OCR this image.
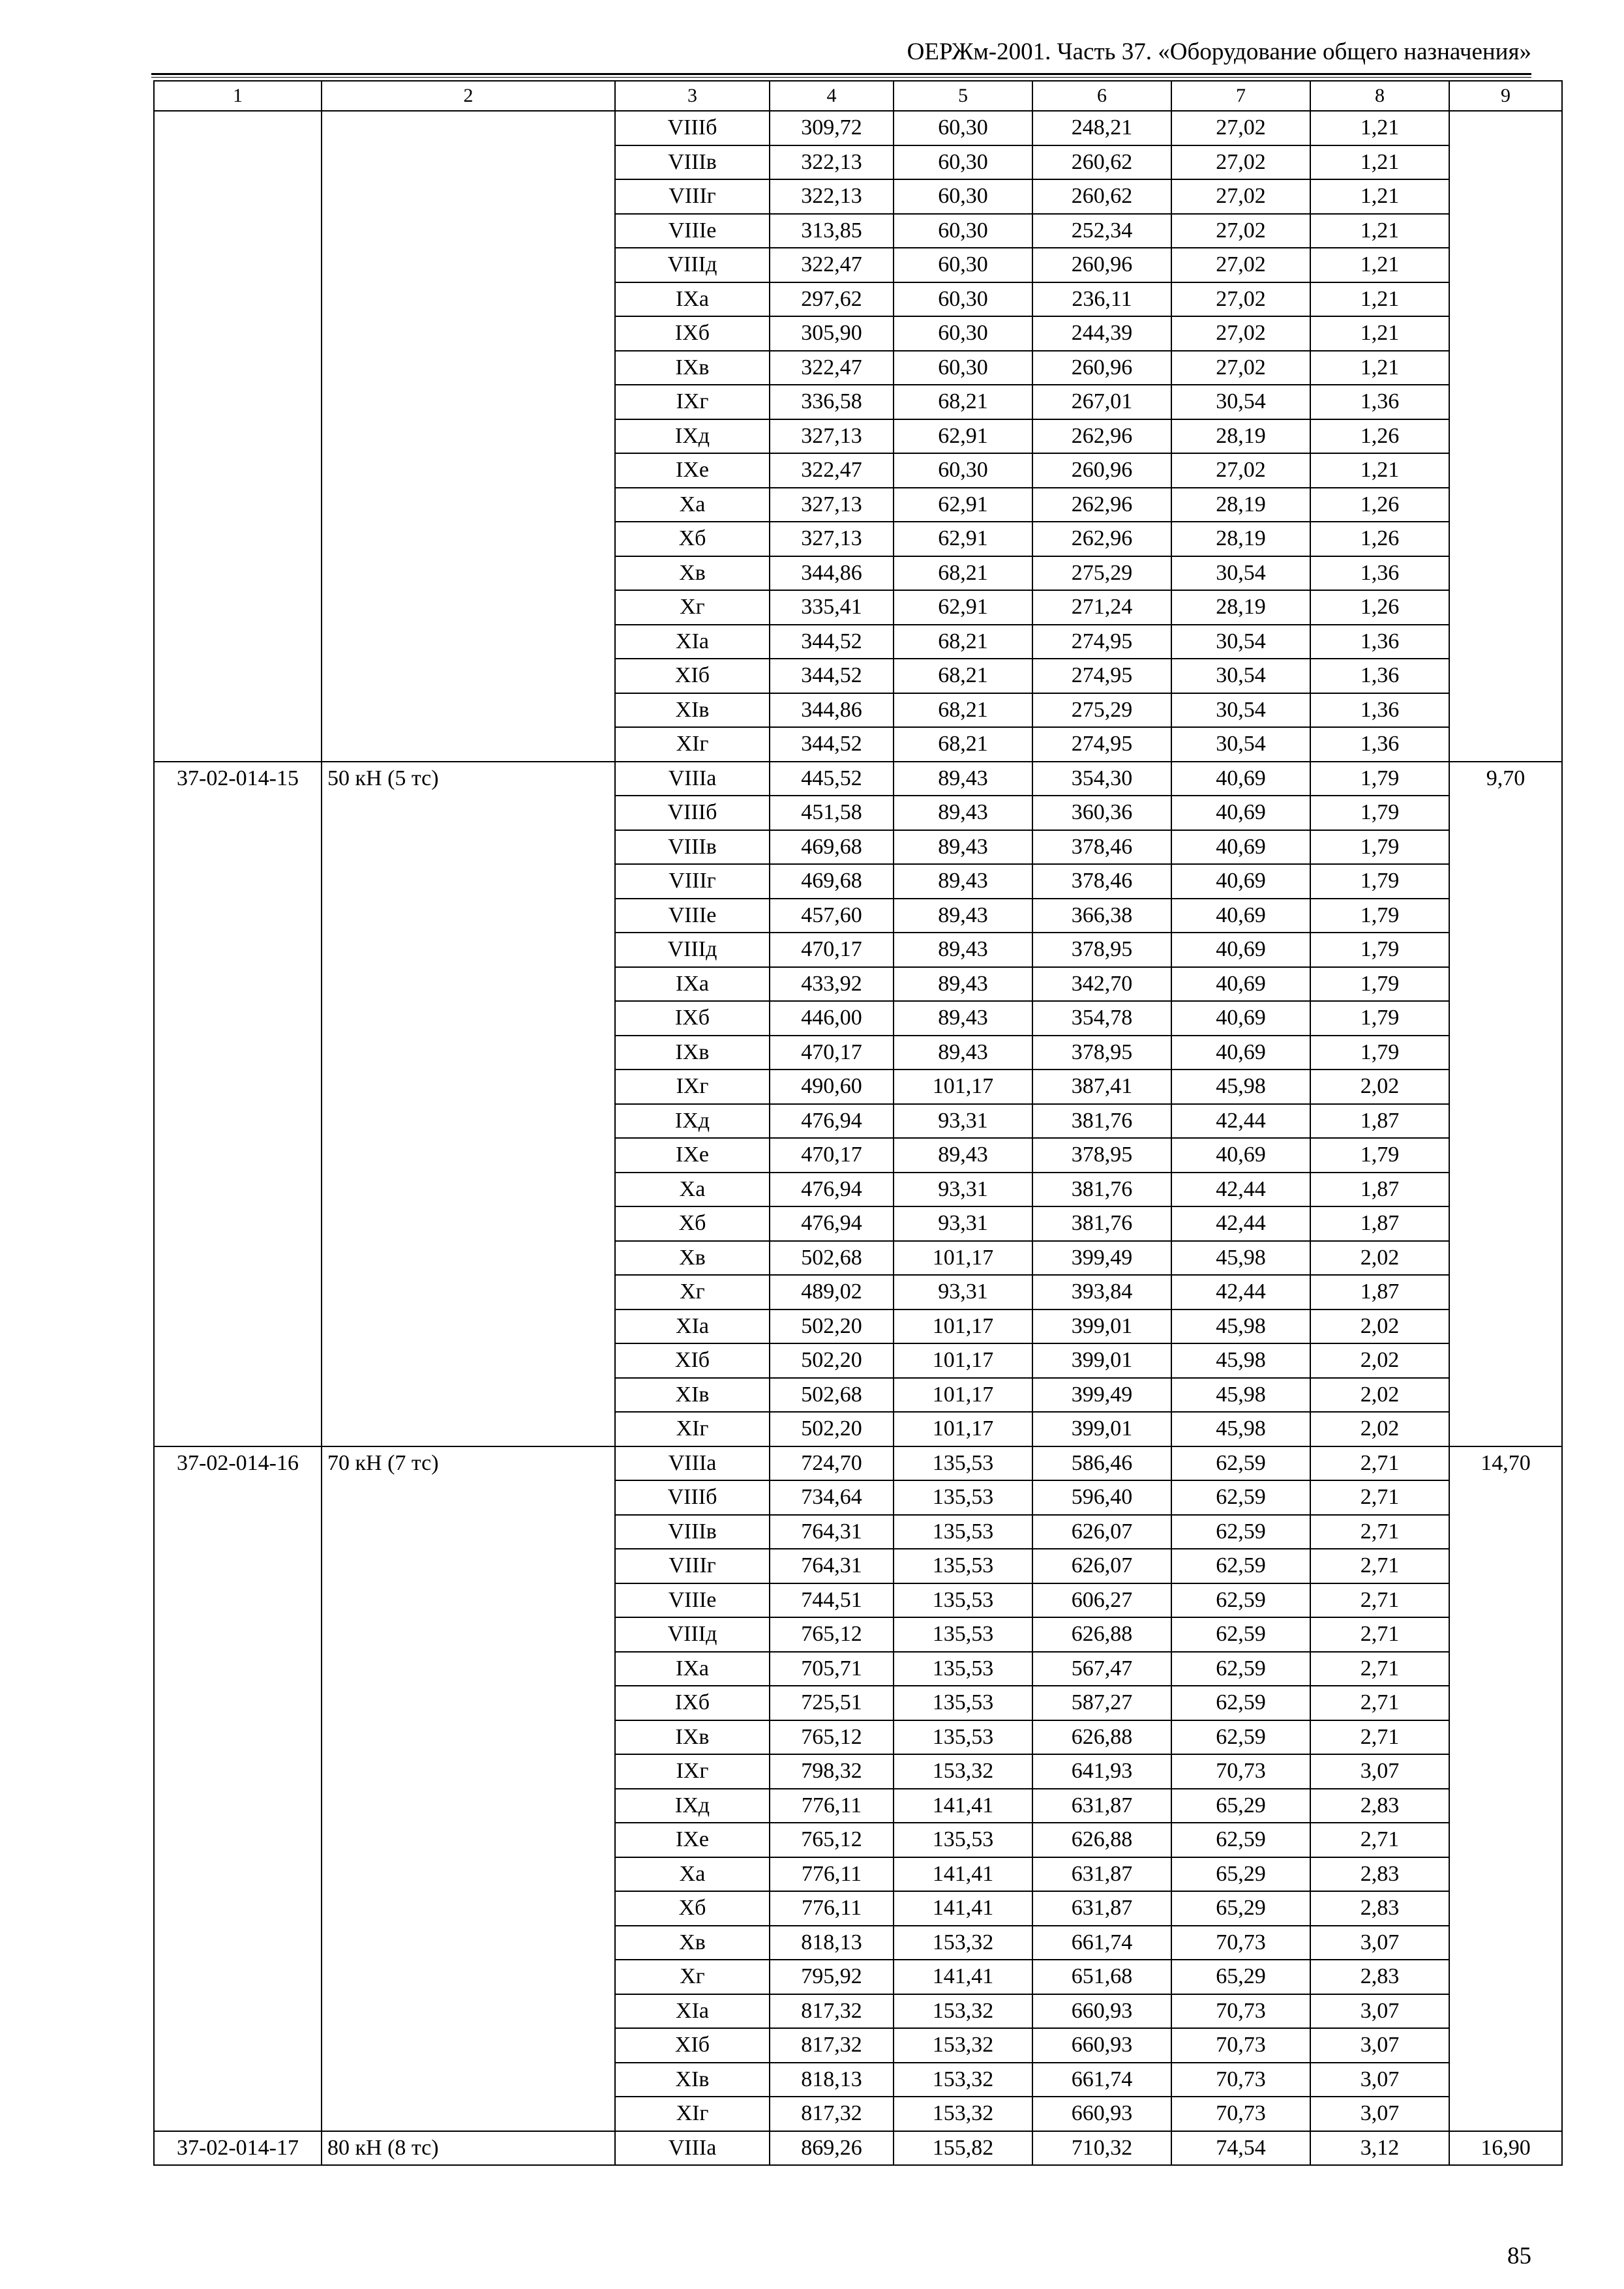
ОЕРЖм-2001. Часть 37. «Оборудование общего назначения»
1	2	3	4	5	6	7	8	9
		VIIIб	309,72	60,30	248,21	27,02	1,21	
		VIIIв	322,13	60,30	260,62	27,02	1,21	
		VIIIг	322,13	60,30	260,62	27,02	1,21	
		VIIIе	313,85	60,30	252,34	27,02	1,21	
		VIIIд	322,47	60,30	260,96	27,02	1,21	
		IXа	297,62	60,30	236,11	27,02	1,21	
		IXб	305,90	60,30	244,39	27,02	1,21	
		IXв	322,47	60,30	260,96	27,02	1,21	
		IXг	336,58	68,21	267,01	30,54	1,36	
		IXд	327,13	62,91	262,96	28,19	1,26	
		IXе	322,47	60,30	260,96	27,02	1,21	
		Xа	327,13	62,91	262,96	28,19	1,26	
		Xб	327,13	62,91	262,96	28,19	1,26	
		Xв	344,86	68,21	275,29	30,54	1,36	
		Xг	335,41	62,91	271,24	28,19	1,26	
		XIа	344,52	68,21	274,95	30,54	1,36	
		XIб	344,52	68,21	274,95	30,54	1,36	
		XIв	344,86	68,21	275,29	30,54	1,36	
		XIг	344,52	68,21	274,95	30,54	1,36	
37-02-014-15	50 кН (5 тс)	VIIIа	445,52	89,43	354,30	40,69	1,79	9,70
		VIIIб	451,58	89,43	360,36	40,69	1,79	
		VIIIв	469,68	89,43	378,46	40,69	1,79	
		VIIIг	469,68	89,43	378,46	40,69	1,79	
		VIIIе	457,60	89,43	366,38	40,69	1,79	
		VIIIд	470,17	89,43	378,95	40,69	1,79	
		IXа	433,92	89,43	342,70	40,69	1,79	
		IXб	446,00	89,43	354,78	40,69	1,79	
		IXв	470,17	89,43	378,95	40,69	1,79	
		IXг	490,60	101,17	387,41	45,98	2,02	
		IXд	476,94	93,31	381,76	42,44	1,87	
		IXе	470,17	89,43	378,95	40,69	1,79	
		Xа	476,94	93,31	381,76	42,44	1,87	
		Xб	476,94	93,31	381,76	42,44	1,87	
		Xв	502,68	101,17	399,49	45,98	2,02	
		Xг	489,02	93,31	393,84	42,44	1,87	
		XIа	502,20	101,17	399,01	45,98	2,02	
		XIб	502,20	101,17	399,01	45,98	2,02	
		XIв	502,68	101,17	399,49	45,98	2,02	
		XIг	502,20	101,17	399,01	45,98	2,02	
37-02-014-16	70 кН (7 тс)	VIIIа	724,70	135,53	586,46	62,59	2,71	14,70
		VIIIб	734,64	135,53	596,40	62,59	2,71	
		VIIIв	764,31	135,53	626,07	62,59	2,71	
		VIIIг	764,31	135,53	626,07	62,59	2,71	
		VIIIе	744,51	135,53	606,27	62,59	2,71	
		VIIIд	765,12	135,53	626,88	62,59	2,71	
		IXа	705,71	135,53	567,47	62,59	2,71	
		IXб	725,51	135,53	587,27	62,59	2,71	
		IXв	765,12	135,53	626,88	62,59	2,71	
		IXг	798,32	153,32	641,93	70,73	3,07	
		IXд	776,11	141,41	631,87	65,29	2,83	
		IXе	765,12	135,53	626,88	62,59	2,71	
		Xа	776,11	141,41	631,87	65,29	2,83	
		Xб	776,11	141,41	631,87	65,29	2,83	
		Xв	818,13	153,32	661,74	70,73	3,07	
		Xг	795,92	141,41	651,68	65,29	2,83	
		XIа	817,32	153,32	660,93	70,73	3,07	
		XIб	817,32	153,32	660,93	70,73	3,07	
		XIв	818,13	153,32	661,74	70,73	3,07	
		XIг	817,32	153,32	660,93	70,73	3,07	
37-02-014-17	80 кН (8 тс)	VIIIа	869,26	155,82	710,32	74,54	3,12	16,90
85
